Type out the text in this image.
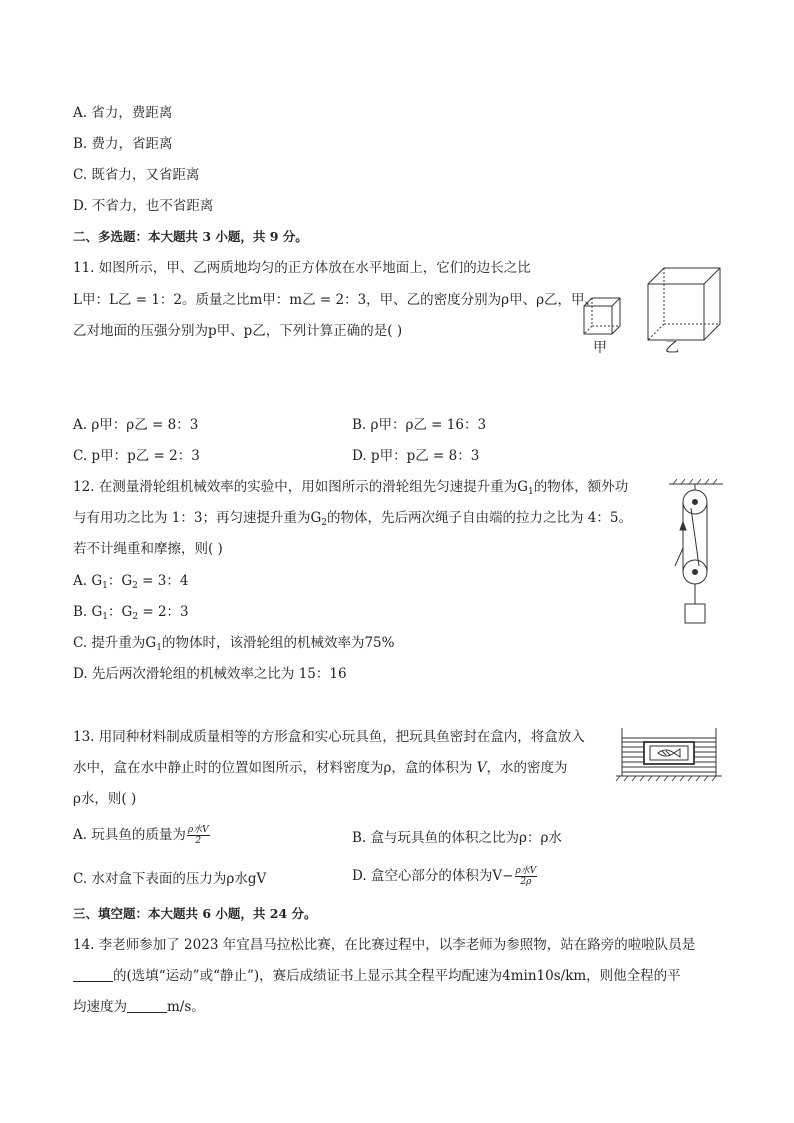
A. 省力，费距离
B. 费力，省距离
C. 既省力，又省距离
D. 不省力，也不省距离
二、多选题：本大题共 3 小题，共 9 分。
11. 如图所示，甲、乙两质地均匀的正方体放在水平地面上，它们的边长之比
L甲：L乙 = 1：2。质量之比m甲：m乙 = 2：3，甲、乙的密度分别为ρ甲、ρ乙，甲、
乙对地面的压强分别为p甲、p乙，下列计算正确的是( )
甲	乙
A. ρ甲：ρ乙 = 8：3	B. ρ甲：ρ乙 = 16：3
C. p甲：p乙 = 2：3	D. p甲：p乙 = 8：3
12. 在测量滑轮组机械效率的实验中，用如图所示的滑轮组先匀速提升重为$G_1$的物体，额外功
与有用功之比为 1：3；再匀速提升重为$G_2$的物体，先后两次绳子自由端的拉力之比为 4：5。
若不计绳重和摩擦，则( )
A. $G_1$：$G_2 = 3$：4
B. $G_1$：$G_2 = 2$：3
C. 提升重为$G_1$的物体时，该滑轮组的机械效率为75%
D. 先后两次滑轮组的机械效率之比为 15：16
13. 用同种材料制成质量相等的方形盒和实心玩具鱼，把玩具鱼密封在盒内，将盒放入
水中，盒在水中静止时的位置如图所示，材料密度为ρ，盒的体积为 V，水的密度为
ρ水，则( )
A. 玩具鱼的质量为 $\frac{\text{ρ水V}}{2}$	B. 盒与玩具鱼的体积之比为ρ：ρ水
C. 水对盒下表面的压力为ρ水gV	D. 盒空心部分的体积为$V- \frac{\text{ρ水V}}{2\rho}$
三、填空题：本大题共 6 小题，共 24 分。
14. 李老师参加了 2023 年宜昌马拉松比赛，在比赛过程中，以李老师为参照物，站在路旁的啦啦队员是
的(选填“运动”或“静止”)，赛后成绩证书上显示其全程平均配速为4min10s/km，则他全程的平
均速度为	m/s。
